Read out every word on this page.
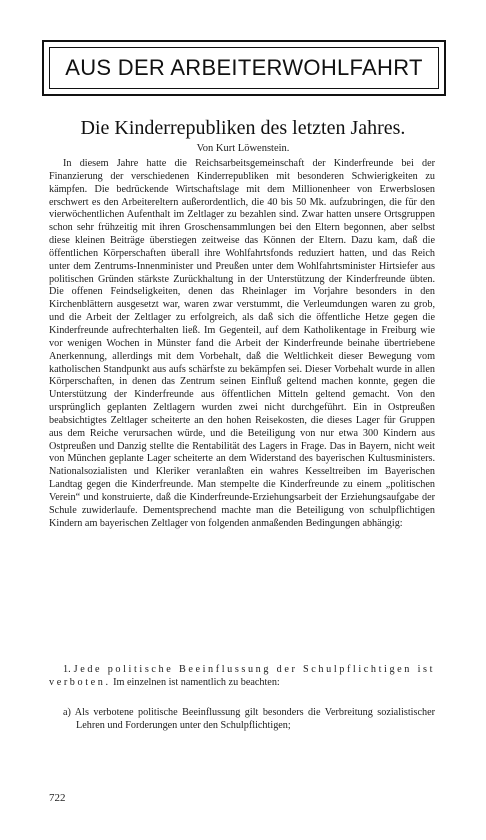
AUS DER ARBEITERWOHLFAHRT
Die Kinderrepubliken des letzten Jahres.
Von Kurt Löwenstein.

In diesem Jahre hatte die Reichsarbeitsgemeinschaft der Kinderfreunde bei der Finanzierung der verschiedenen Kinderrepubliken mit besonderen Schwierigkeiten zu kämpfen. Die bedrückende Wirtschaftslage mit dem Millionenheer von Erwerbslosen erschwert es den Arbeitereltern außerordentlich, die 40 bis 50 Mk. aufzubringen, die für den vierwöchentlichen Aufenthalt im Zeltlager zu bezahlen sind. Zwar hatten unsere Ortsgruppen schon sehr frühzeitig mit ihren Groschensammlungen bei den Eltern begonnen, aber selbst diese kleinen Beiträge überstiegen zeitweise das Können der Eltern. Dazu kam, daß die öffentlichen Körperschaften überall ihre Wohlfahrtsfonds reduziert hatten, und das Reich unter dem Zentrums-Innenminister und Preußen unter dem Wohlfahrtsminister Hirtsiefer aus politischen Gründen stärkste Zurückhaltung in der Unterstützung der Kinderfreunde übten. Die offenen Feindseligkeiten, denen das Rheinlager im Vorjahre besonders in den Kirchenblättern ausgesetzt war, waren zwar verstummt, die Verleumdungen waren zu grob, und die Arbeit der Zeltlager zu erfolgreich, als daß sich die öffentliche Hetze gegen die Kinderfreunde aufrechterhalten ließ. Im Gegenteil, auf dem Katholikentage in Freiburg wie vor wenigen Wochen in Münster fand die Arbeit der Kinderfreunde beinahe übertriebene Anerkennung, allerdings mit dem Vorbehalt, daß die Weltlichkeit dieser Bewegung vom katholischen Standpunkt aus aufs schärfste zu bekämpfen sei. Dieser Vorbehalt wurde in allen Körperschaften, in denen das Zentrum seinen Einfluß geltend machen konnte, gegen die Unterstützung der Kinderfreunde aus öffentlichen Mitteln geltend gemacht. Von den ursprünglich geplanten Zeltlagern wurden zwei nicht durchgeführt. Ein in Ostpreußen beabsichtigtes Zeltlager scheiterte an den hohen Reisekosten, die dieses Lager für Gruppen aus dem Reiche verursachen würde, und die Beteiligung von nur etwa 300 Kindern aus Ostpreußen und Danzig stellte die Rentabilität des Lagers in Frage. Das in Bayern, nicht weit von München geplante Lager scheiterte an dem Widerstand des bayerischen Kultusministers. Nationalsozialisten und Kleriker veranlaßten ein wahres Kesseltreiben im Bayerischen Landtag gegen die Kinderfreunde. Man stempelte die Kinderfreunde zu einem „politischen Verein“ und konstruierte, daß die Kinderfreunde-Erziehungsarbeit der Erziehungsaufgabe der Schule zuwiderlaufe. Dementsprechend machte man die Beteiligung von schulpflichtigen Kindern am bayerischen Zeltlager von folgenden anmaßenden Bedingungen abhängig:

1. Jede politische Beeinflussung der Schulpflichtigen ist verboten. Im einzelnen ist namentlich zu beachten:
a) Als verbotene politische Beeinflussung gilt besonders die Verbreitung sozialistischer Lehren und Forderungen unter den Schulpflichtigen;
722
